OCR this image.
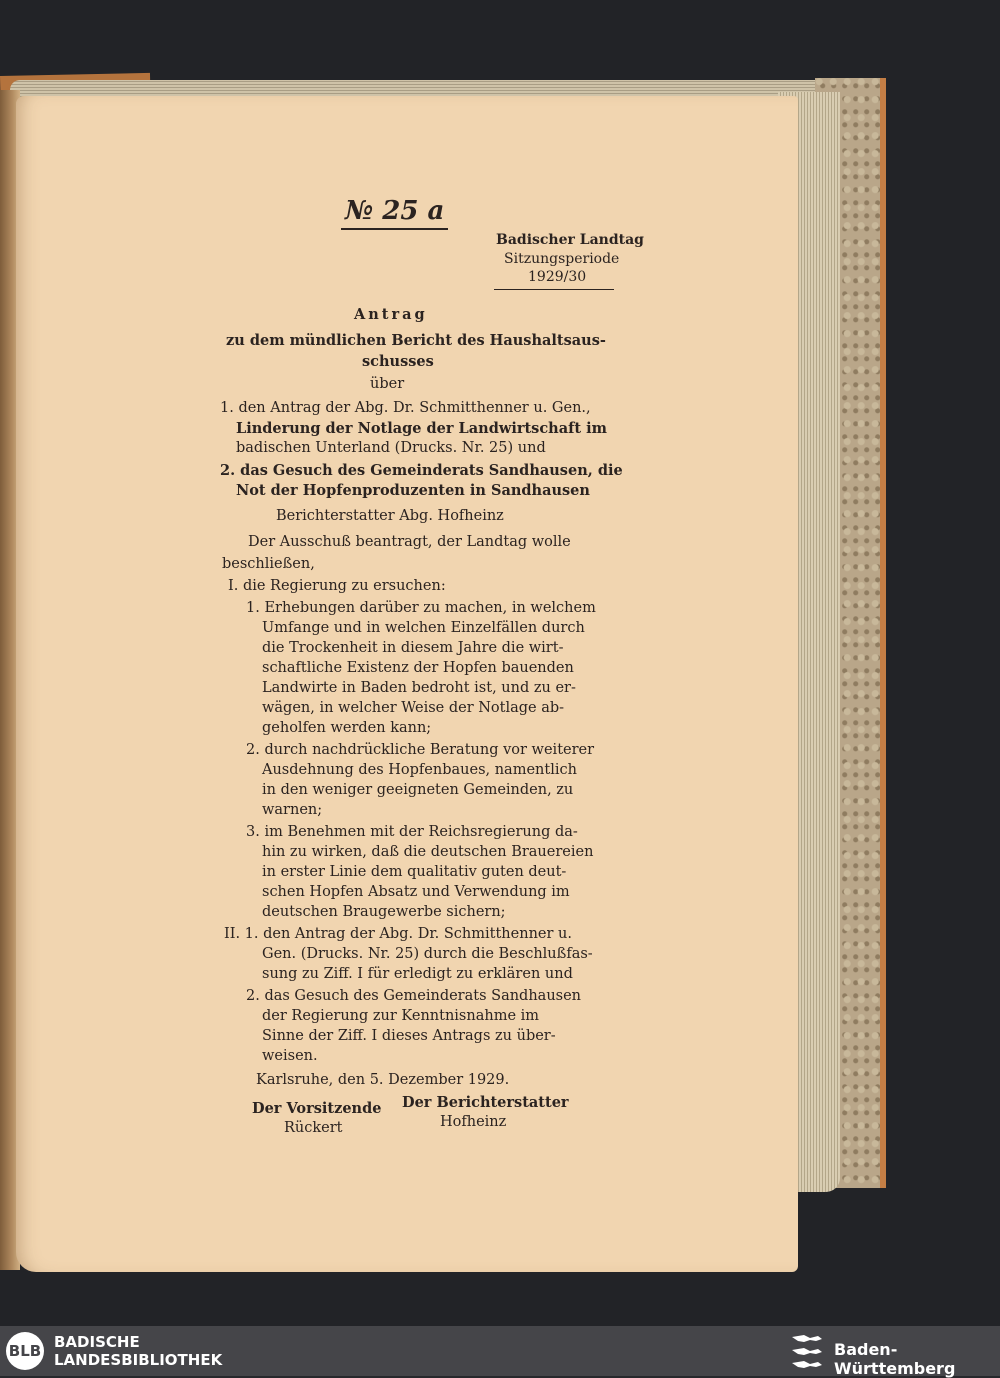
№ 25 a
Badischer Landtag
Sitzungsperiode
1929/30
Antrag
zu dem mündlichen Bericht des Haushaltsaus-
schusses
über
1. den Antrag der Abg. Dr. Schmitthenner u. Gen.,
Linderung der Notlage der Landwirtschaft im
badischen Unterland (Drucks. Nr. 25) und
2. das Gesuch des Gemeinderats Sandhausen, die
Not der Hopfenproduzenten in Sandhausen
Berichterstatter Abg. Hofheinz
Der Ausschuß beantragt, der Landtag wolle
beschließen,
I. die Regierung zu ersuchen:
1. Erhebungen darüber zu machen, in welchem
Umfange und in welchen Einzelfällen durch
die Trockenheit in diesem Jahre die wirt-
schaftliche Existenz der Hopfen bauenden
Landwirte in Baden bedroht ist, und zu er-
wägen, in welcher Weise der Notlage ab-
geholfen werden kann;
2. durch nachdrückliche Beratung vor weiterer
Ausdehnung des Hopfenbaues, namentlich
in den weniger geeigneten Gemeinden, zu
warnen;
3. im Benehmen mit der Reichsregierung da-
hin zu wirken, daß die deutschen Brauereien
in erster Linie dem qualitativ guten deut-
schen Hopfen Absatz und Verwendung im
deutschen Braugewerbe sichern;
II. 1. den Antrag der Abg. Dr. Schmitthenner u.
Gen. (Drucks. Nr. 25) durch die Beschlußfas-
sung zu Ziff. I für erledigt zu erklären und
2. das Gesuch des Gemeinderats Sandhausen
der Regierung zur Kenntnisnahme im
Sinne der Ziff. I dieses Antrags zu über-
weisen.
Karlsruhe, den 5. Dezember 1929.
Der Vorsitzende
Rückert
Der Berichterstatter
Hofheinz
BLB BADISCHE
LANDESBIBLIOTHEK
Baden-Württemberg
